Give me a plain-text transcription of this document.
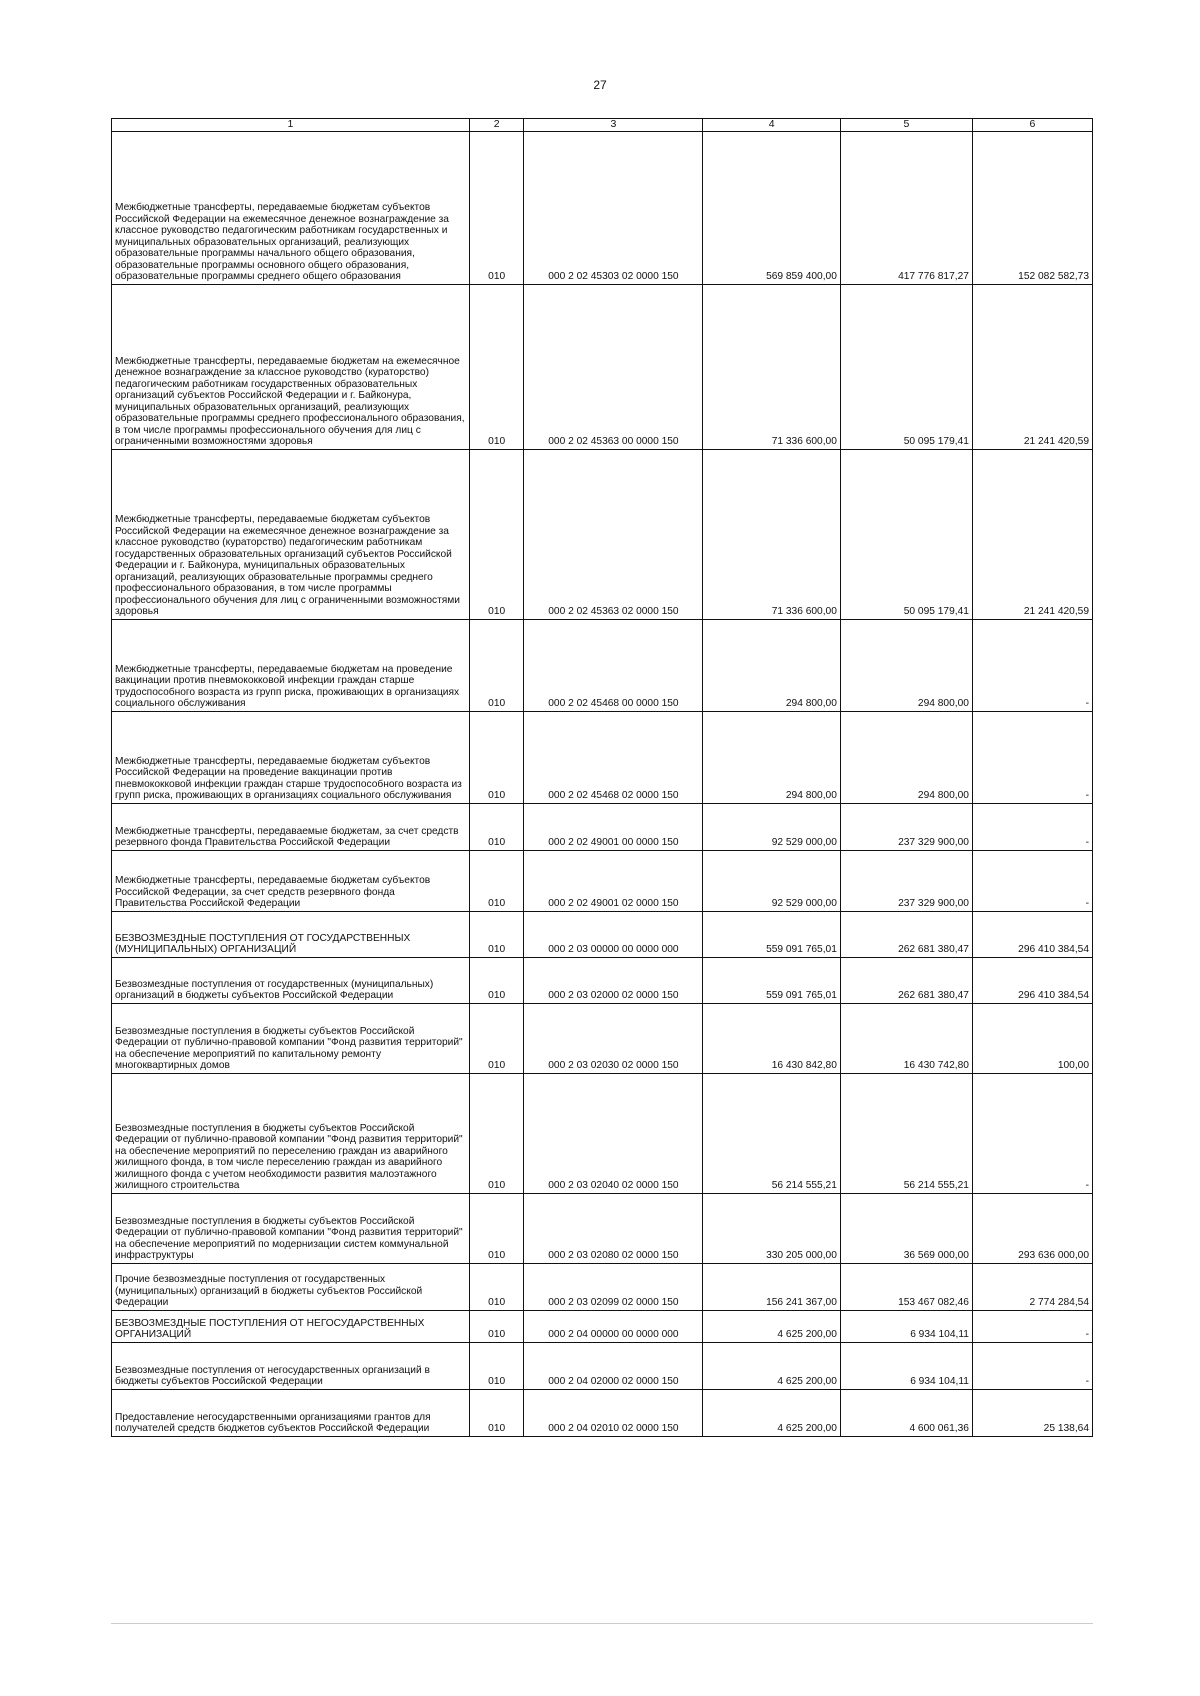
27
1	2	3	4	5	6
Межбюджетные трансферты, передаваемые бюджетам субъектов Российской Федерации на ежемесячное денежное вознаграждение за классное руководство педагогическим работникам государственных и муниципальных образовательных организаций, реализующих образовательные программы начального общего образования, образовательные программы основного общего образования, образовательные программы среднего общего образования	010	000 2 02 45303 02 0000 150	569 859 400,00	417 776 817,27	152 082 582,73
Межбюджетные трансферты, передаваемые бюджетам на ежемесячное денежное вознаграждение за классное руководство (кураторство) педагогическим работникам государственных образовательных организаций субъектов Российской Федерации и г. Байконура, муниципальных образовательных организаций, реализующих образовательные программы среднего профессионального образования, в том числе программы профессионального обучения для лиц с ограниченными возможностями здоровья	010	000 2 02 45363 00 0000 150	71 336 600,00	50 095 179,41	21 241 420,59
Межбюджетные трансферты, передаваемые бюджетам субъектов Российской Федерации на ежемесячное денежное вознаграждение за классное руководство (кураторство) педагогическим работникам государственных образовательных организаций субъектов Российской Федерации и г. Байконура, муниципальных образовательных организаций, реализующих образовательные программы среднего профессионального образования, в том числе программы профессионального обучения для лиц с ограниченными возможностями здоровья	010	000 2 02 45363 02 0000 150	71 336 600,00	50 095 179,41	21 241 420,59
Межбюджетные трансферты, передаваемые бюджетам на проведение вакцинации против пневмококковой инфекции граждан старше трудоспособного возраста из групп риска, проживающих в организациях социального обслуживания	010	000 2 02 45468 00 0000 150	294 800,00	294 800,00	-
Межбюджетные трансферты, передаваемые бюджетам субъектов Российской Федерации на проведение вакцинации против пневмококковой инфекции граждан старше трудоспособного возраста из групп риска, проживающих в организациях социального обслуживания	010	000 2 02 45468 02 0000 150	294 800,00	294 800,00	-
Межбюджетные трансферты, передаваемые бюджетам, за счет средств резервного фонда Правительства Российской Федерации	010	000 2 02 49001 00 0000 150	92 529 000,00	237 329 900,00	-
Межбюджетные трансферты, передаваемые бюджетам субъектов Российской Федерации, за счет средств резервного фонда Правительства Российской Федерации	010	000 2 02 49001 02 0000 150	92 529 000,00	237 329 900,00	-
БЕЗВОЗМЕЗДНЫЕ ПОСТУПЛЕНИЯ ОТ ГОСУДАРСТВЕННЫХ (МУНИЦИПАЛЬНЫХ) ОРГАНИЗАЦИЙ	010	000 2 03 00000 00 0000 000	559 091 765,01	262 681 380,47	296 410 384,54
Безвозмездные поступления от государственных (муниципальных) организаций в бюджеты субъектов Российской Федерации	010	000 2 03 02000 02 0000 150	559 091 765,01	262 681 380,47	296 410 384,54
Безвозмездные поступления в бюджеты субъектов Российской Федерации от публично-правовой компании "Фонд развития территорий" на обеспечение мероприятий по капитальному ремонту многоквартирных домов	010	000 2 03 02030 02 0000 150	16 430 842,80	16 430 742,80	100,00
Безвозмездные поступления в бюджеты субъектов Российской Федерации от публично-правовой компании "Фонд развития территорий" на обеспечение мероприятий по переселению граждан из аварийного жилищного фонда, в том числе переселению граждан из аварийного жилищного фонда с учетом необходимости развития малоэтажного жилищного строительства	010	000 2 03 02040 02 0000 150	56 214 555,21	56 214 555,21	-
Безвозмездные поступления в бюджеты субъектов Российской Федерации от публично-правовой компании "Фонд развития территорий" на обеспечение мероприятий по модернизации систем коммунальной инфраструктуры	010	000 2 03 02080 02 0000 150	330 205 000,00	36 569 000,00	293 636 000,00
Прочие безвозмездные поступления от государственных (муниципальных) организаций в бюджеты субъектов Российской Федерации	010	000 2 03 02099 02 0000 150	156 241 367,00	153 467 082,46	2 774 284,54
БЕЗВОЗМЕЗДНЫЕ ПОСТУПЛЕНИЯ ОТ НЕГОСУДАРСТВЕННЫХ ОРГАНИЗАЦИЙ	010	000 2 04 00000 00 0000 000	4 625 200,00	6 934 104,11	-
Безвозмездные поступления от негосударственных организаций в бюджеты субъектов Российской Федерации	010	000 2 04 02000 02 0000 150	4 625 200,00	6 934 104,11	-
Предоставление негосударственными организациями грантов для получателей средств бюджетов субъектов Российской Федерации	010	000 2 04 02010 02 0000 150	4 625 200,00	4 600 061,36	25 138,64
